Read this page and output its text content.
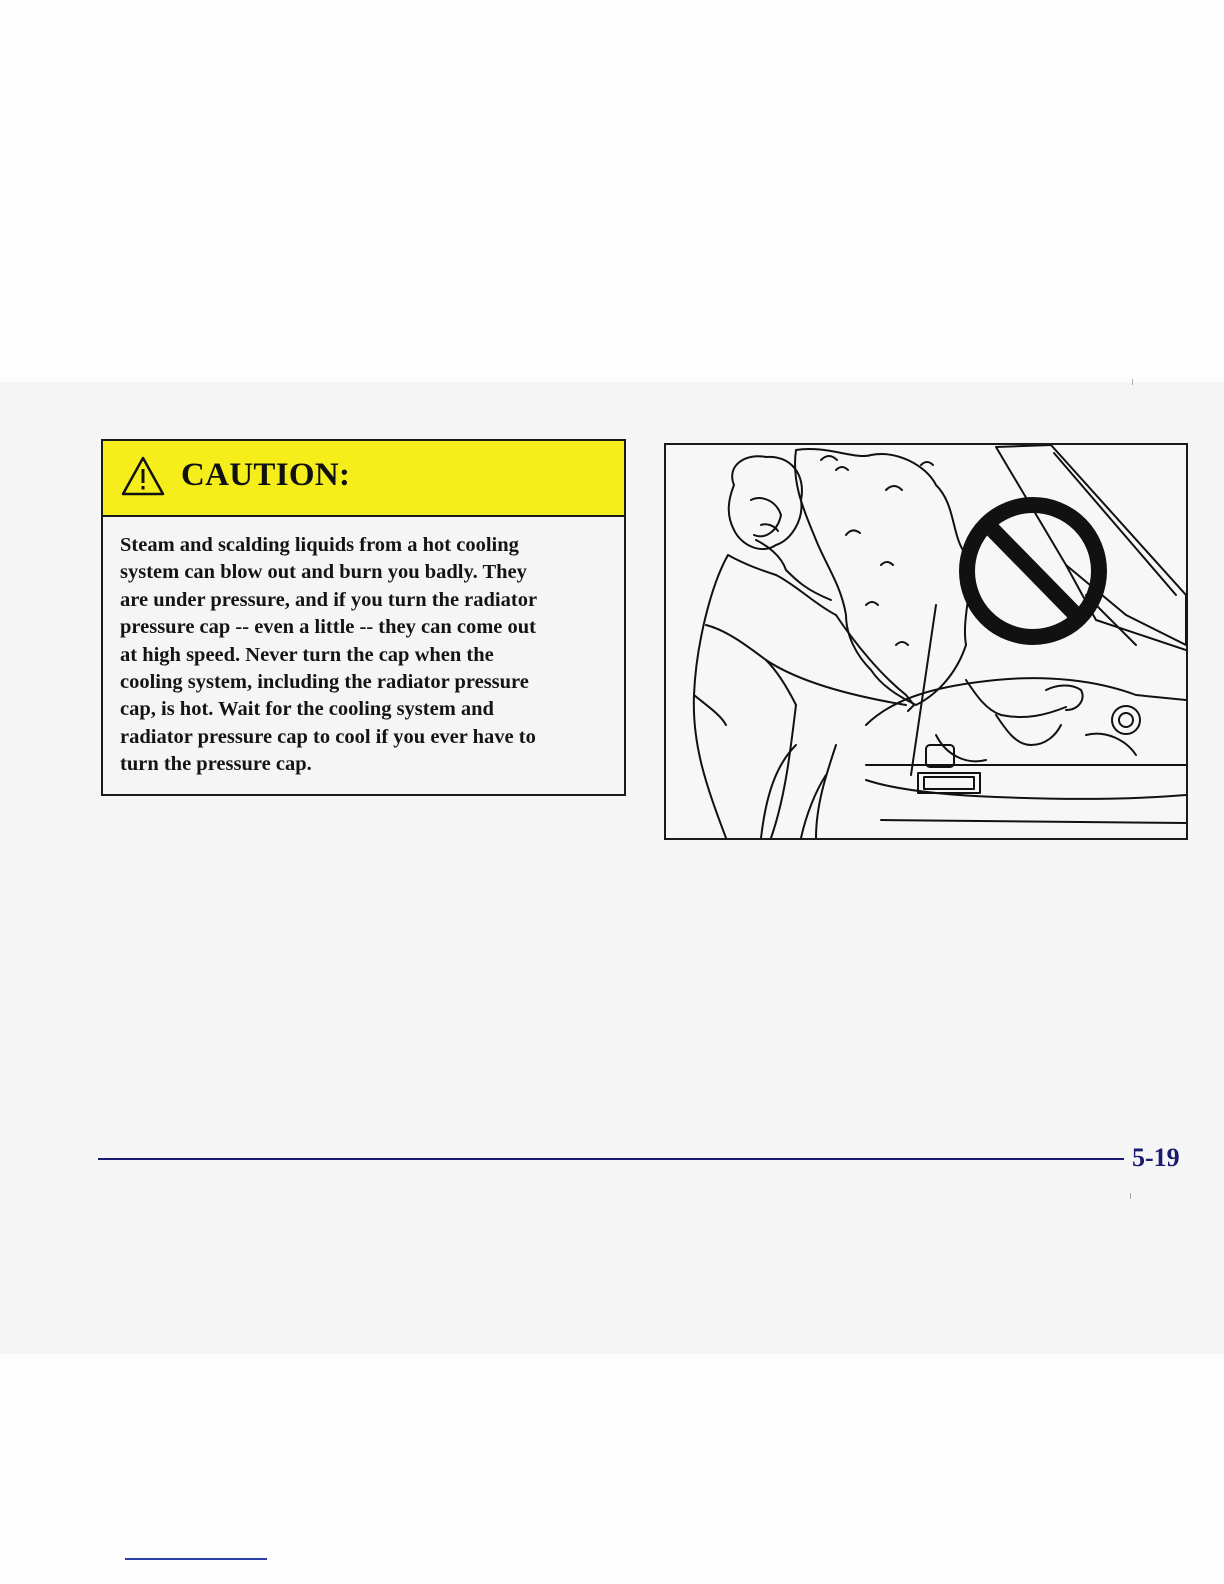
CAUTION:

Steam and scalding liquids from a hot cooling
system can blow out and burn you badly. They
are under pressure, and if you turn the radiator
pressure cap -- even a little -- they can come out
at high speed. Never turn the cap when the
cooling system, including the radiator pressure
cap, is hot. Wait for the cooling system and
radiator pressure cap to cool if you ever have to
turn the pressure cap.

5-19
